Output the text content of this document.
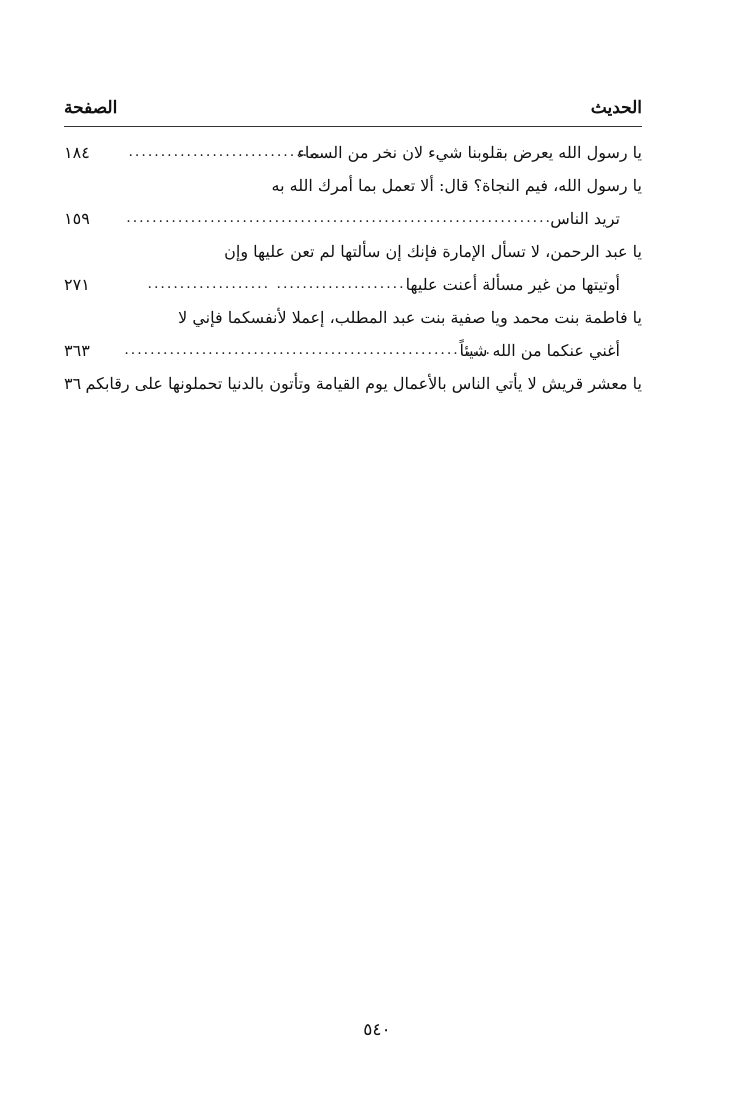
الحديث
الصفحة
يا رسول الله يعرض بقلوبنا شيء لان نخر من السماء
..............................
١٨٤
يا رسول الله، فيم النجاة؟ قال: ألا تعمل بما أمرك الله به
تريد الناس
..................................................................
١٥٩
يا عبد الرحمن، لا تسأل الإمارة فإنك إن سألتها لم تعن عليها وإن
أوتيتها من غير مسألة أعنت عليها
..................... ...................
٢٧١
يا فاطمة بنت محمد ويا صفية بنت عبد المطلب، إعملا لأنفسكما فإني لا
أغني عنكما من الله شيئاً
.........................................................
٣٦٣
يا معشر قريش لا يأتي الناس بالأعمال يوم القيامة وتأتون بالدنيا تحملونها على رقابكم
٣٦
٥٤٠
